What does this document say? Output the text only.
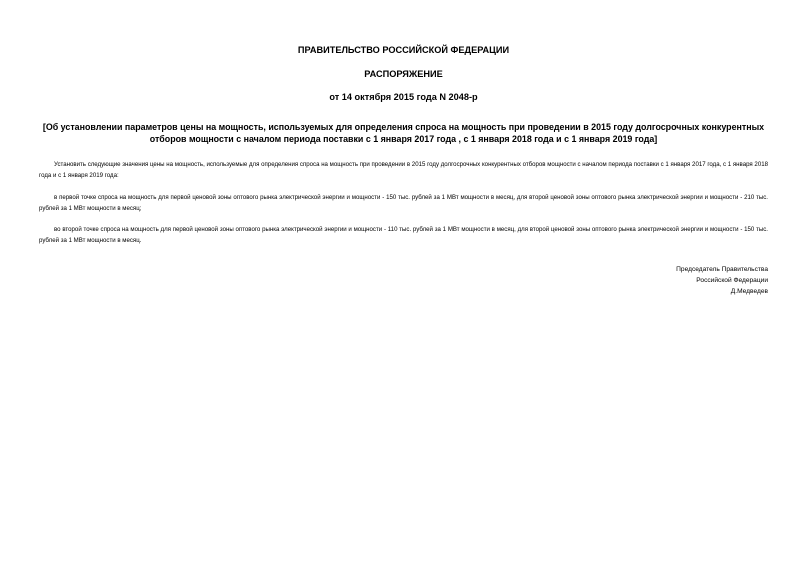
ПРАВИТЕЛЬСТВО РОССИЙСКОЙ ФЕДЕРАЦИИ
РАСПОРЯЖЕНИЕ
от 14 октября 2015 года N 2048-р
[Об установлении параметров цены на мощность, используемых для определения спроса на мощность при проведении в 2015 году долгосрочных конкурентных отборов мощности с началом периода поставки с 1 января 2017 года , с 1 января 2018 года и с 1 января 2019 года]
Установить следующие значения цены на мощность, используемые для определения спроса на мощность при проведении в 2015 году долгосрочных конкурентных отборов мощности с началом периода поставки с 1 января 2017 года, с 1 января 2018 года и с 1 января 2019 года:
в первой точке спроса на мощность для первой ценовой зоны оптового рынка электрической энергии и мощности - 150 тыс. рублей за 1 МВт мощности в месяц, для второй ценовой зоны оптового рынка электрической энергии и мощности - 210 тыс. рублей за 1 МВт мощности в месяц;
во второй точке спроса на мощность для первой ценовой зоны оптового рынка электрической энергии и мощности - 110 тыс. рублей за 1 МВт мощности в месяц, для второй ценовой зоны оптового рынка электрической энергии и мощности - 150 тыс. рублей за 1 МВт мощности в месяц.
Председатель Правительства
Российской Федерации
Д.Медведев
